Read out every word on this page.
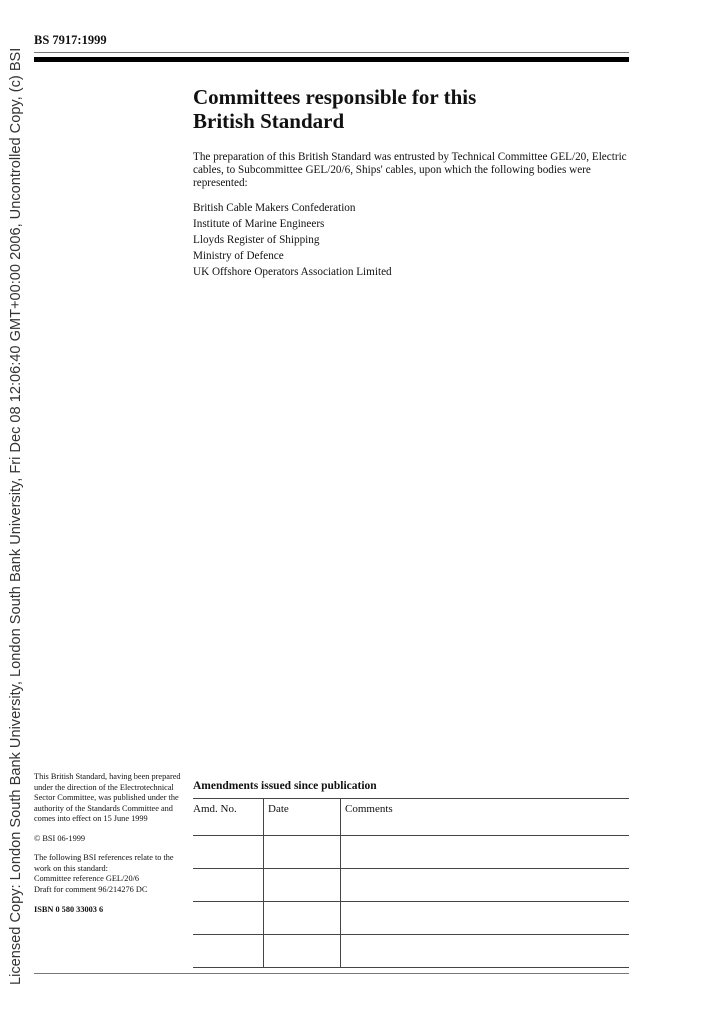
Licensed Copy: London South Bank University, London South Bank University, Fri Dec 08 12:06:40 GMT+00:00 2006, Uncontrolled Copy, (c) BSI
BS 7917:1999
Committees responsible for this
British Standard

The preparation of this British Standard was entrusted by Technical Committee GEL/20, Electric cables, to Subcommittee GEL/20/6, Ships' cables, upon which the following bodies were represented:

British Cable Makers Confederation
Institute of Marine Engineers
Lloyds Register of Shipping
Ministry of Defence
UK Offshore Operators Association Limited

This British Standard, having been prepared under the direction of the Electrotechnical Sector Committee, was published under the authority of the Standards Committee and comes into effect on 15 June 1999

© BSI 06-1999

The following BSI references relate to the work on this standard:

Committee reference GEL/20/6

Draft for comment 96/214276 DC

ISBN 0 580 33003 6

Amendments issued since publication
Amd. No.	Date	Comments
